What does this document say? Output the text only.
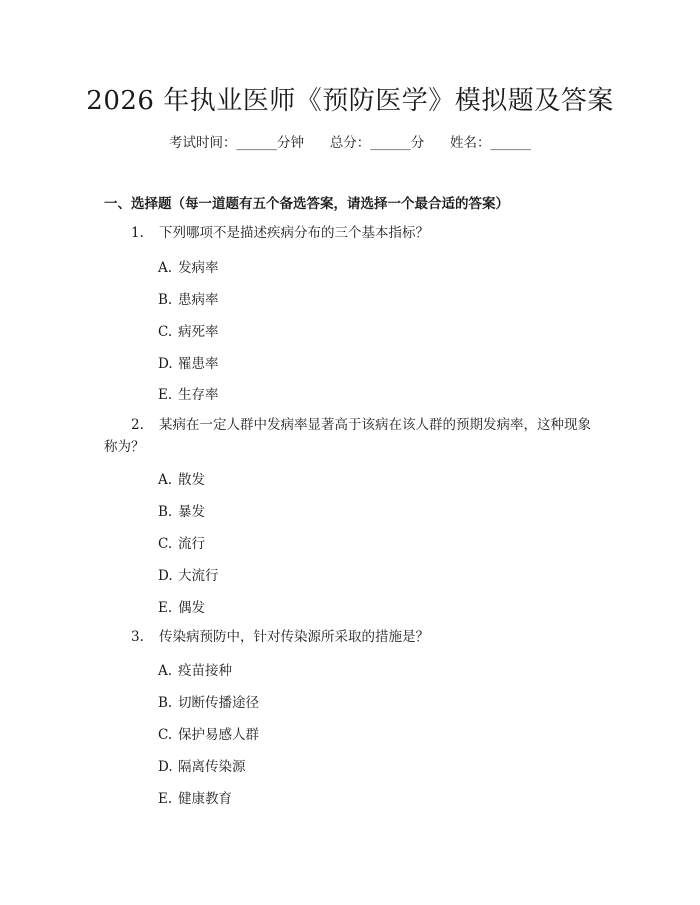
2026 年执业医师《预防医学》模拟题及答案
考试时间：______分钟 总分：______分 姓名：______
一、选择题（每一道题有五个备选答案，请选择一个最合适的答案）
1. 下列哪项不是描述疾病分布的三个基本指标？
A. 发病率
B. 患病率
C. 病死率
D. 罹患率
E. 生存率
2. 某病在一定人群中发病率显著高于该病在该人群的预期发病率，这种现象
称为？
A. 散发
B. 暴发
C. 流行
D. 大流行
E. 偶发
3. 传染病预防中，针对传染源所采取的措施是？
A. 疫苗接种
B. 切断传播途径
C. 保护易感人群
D. 隔离传染源
E. 健康教育
